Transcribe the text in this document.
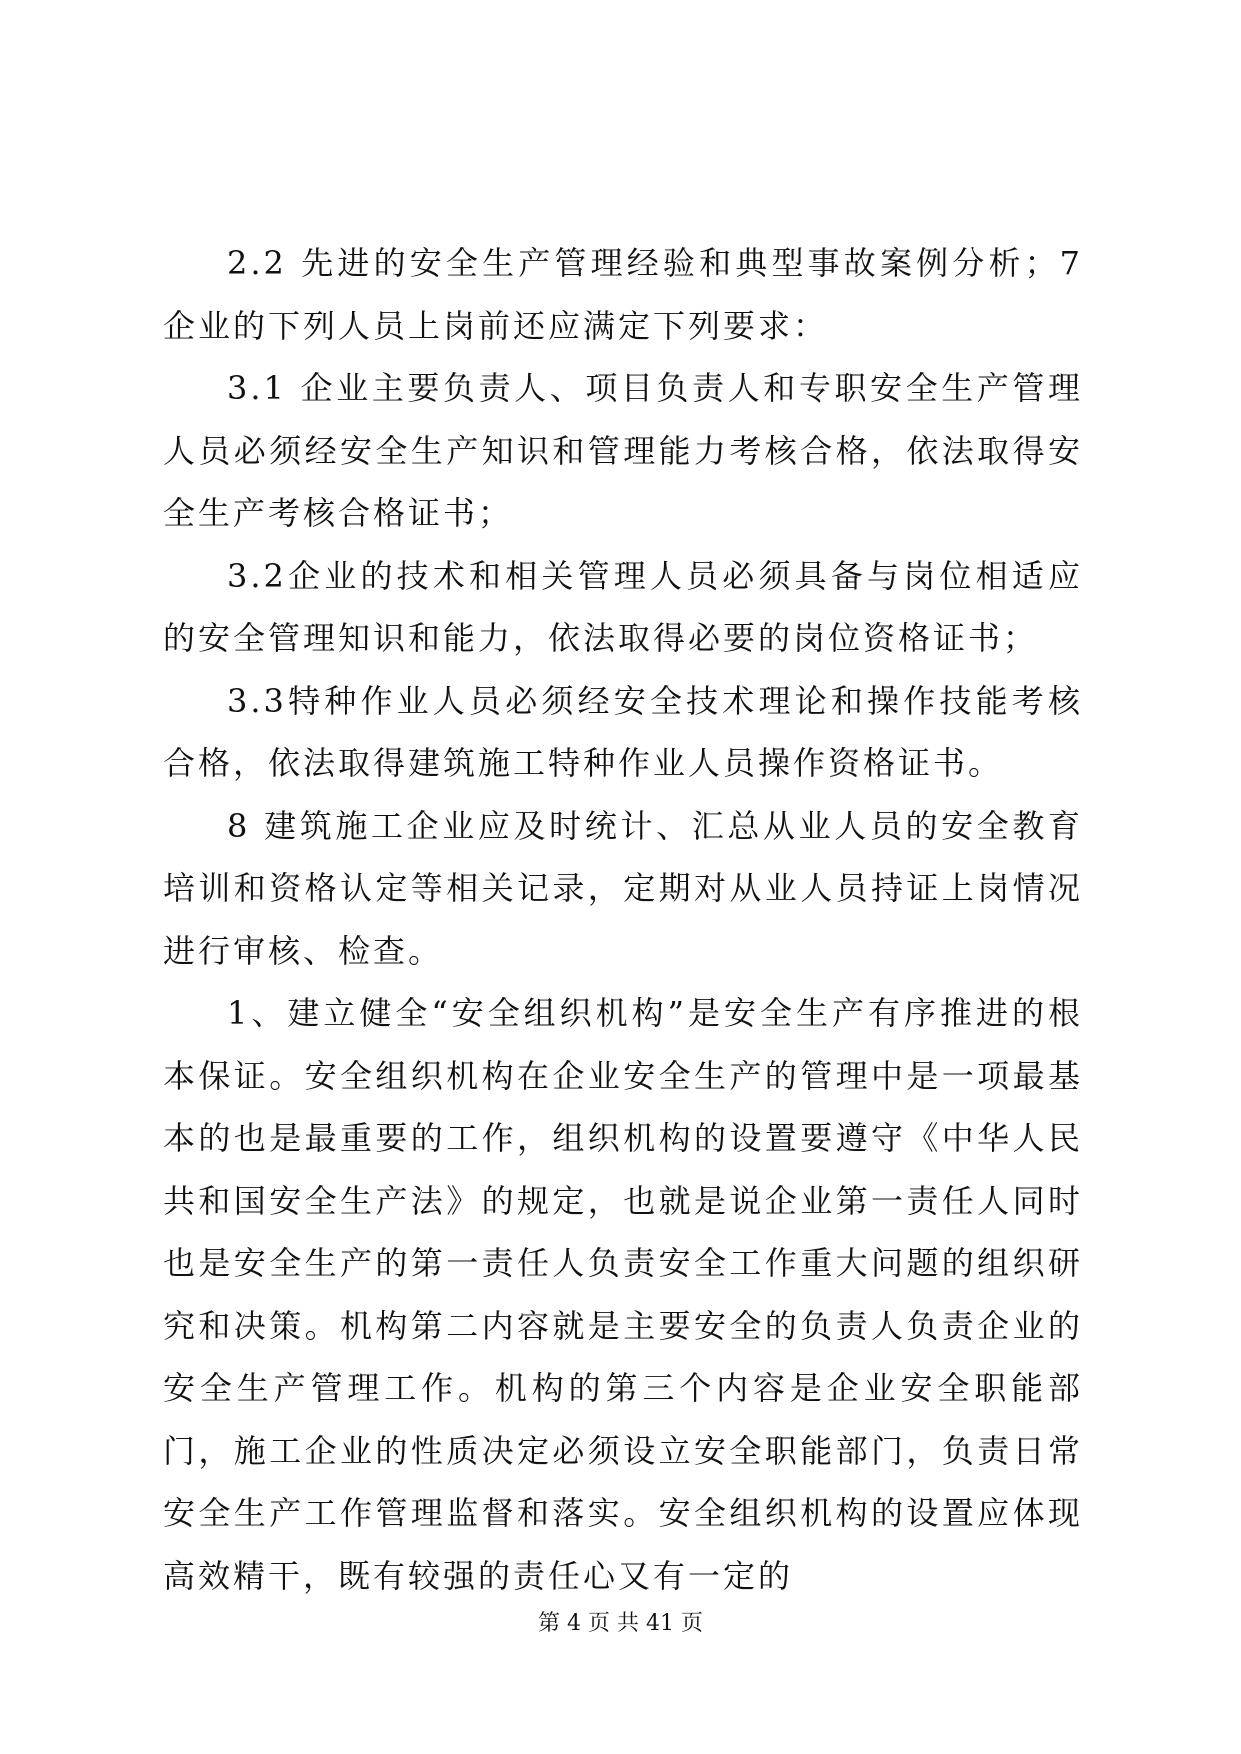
2.2 先进的安全生产管理经验和典型事故案例分析；7 企业的下列人员上岗前还应满定下列要求：

3.1 企业主要负责人、项目负责人和专职安全生产管理人员必须经安全生产知识和管理能力考核合格，依法取得安全生产考核合格证书；

3.2企业的技术和相关管理人员必须具备与岗位相适应的安全管理知识和能力，依法取得必要的岗位资格证书；

3.3特种作业人员必须经安全技术理论和操作技能考核合格，依法取得建筑施工特种作业人员操作资格证书。

8 建筑施工企业应及时统计、汇总从业人员的安全教育培训和资格认定等相关记录，定期对从业人员持证上岗情况进行审核、检查。

1、建立健全“安全组织机构”是安全生产有序推进的根本保证。安全组织机构在企业安全生产的管理中是一项最基本的也是最重要的工作，组织机构的设置要遵守《中华人民共和国安全生产法》的规定，也就是说企业第一责任人同时也是安全生产的第一责任人负责安全工作重大问题的组织研究和决策。机构第二内容就是主要安全的负责人负责企业的安全生产管理工作。机构的第三个内容是企业安全职能部门，施工企业的性质决定必须设立安全职能部门，负责日常安全生产工作管理监督和落实。安全组织机构的设置应体现高效精干，既有较强的责任心又有一定的

第 4 页 共 41 页
